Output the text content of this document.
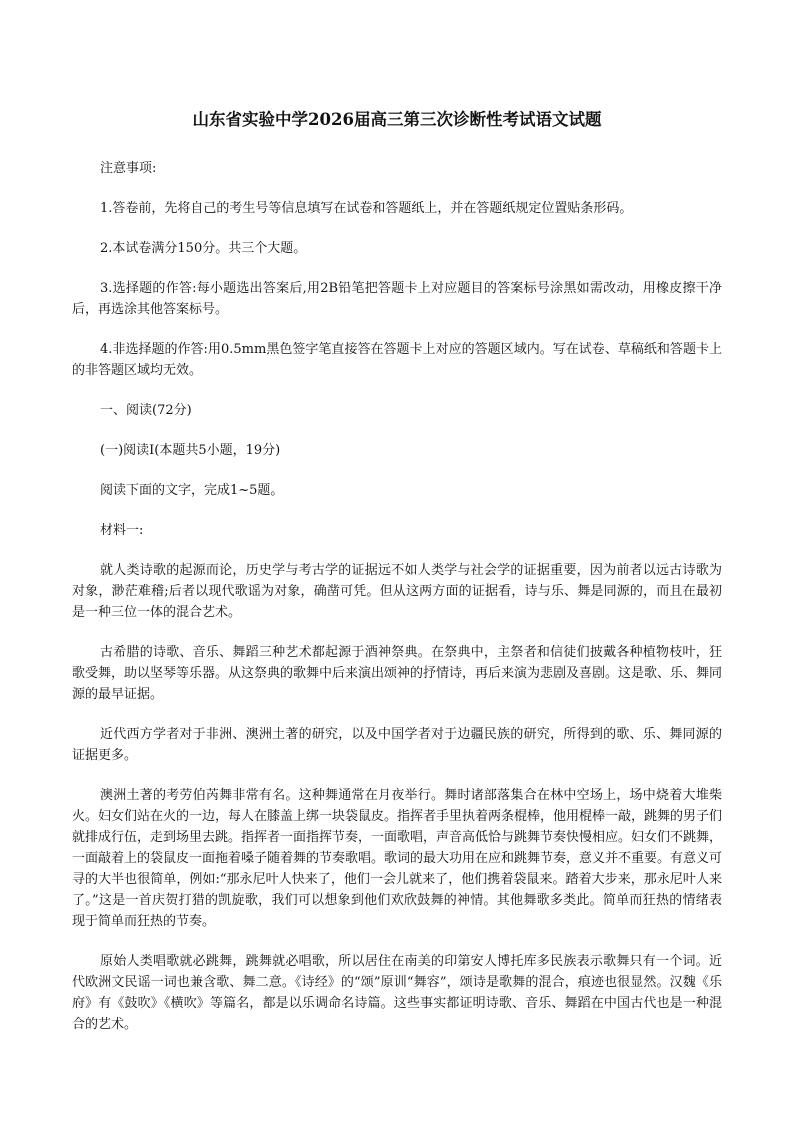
山东省实验中学2026届高三第三次诊断性考试语文试题

注意事项:

1.答卷前，先将自己的考生号等信息填写在试卷和答题纸上，并在答题纸规定位置贴条形码。

2.本试卷满分150分。共三个大题。

3.选择题的作答:每小题选出答案后,用2B铅笔把答题卡上对应题目的答案标号涂黑如需改动，用橡皮擦干净后，再选涂其他答案标号。

4.非选择题的作答:用0.5mm黑色签字笔直接答在答题卡上对应的答题区域内。写在试卷、草稿纸和答题卡上的非答题区域均无效。

一、阅读(72分)

(一)阅读Ⅰ(本题共5小题，19分)

阅读下面的文字，完成1~5题。

材料一:

就人类诗歌的起源而论，历史学与考古学的证据远不如人类学与社会学的证据重要，因为前者以远古诗歌为对象，渺茫难稽;后者以现代歌谣为对象，确凿可凭。但从这两方面的证据看，诗与乐、舞是同源的，而且在最初是一种三位一体的混合艺术。

古希腊的诗歌、音乐、舞蹈三种艺术都起源于酒神祭典。在祭典中，主祭者和信徒们披戴各种植物枝叶，狂歌受舞，助以坚琴等乐器。从这祭典的歌舞中后来演出颂神的抒情诗，再后来演为悲剧及喜剧。这是歌、乐、舞同源的最早证据。

近代西方学者对于非洲、澳洲土著的研究，以及中国学者对于边疆民族的研究，所得到的歌、乐、舞同源的证据更多。

澳洲土著的考劳伯芮舞非常有名。这种舞通常在月夜举行。舞时诸部落集合在林中空场上，场中烧着大堆柴火。妇女们站在火的一边，每人在膝盖上绑一块袋鼠皮。指挥者手里执着两条棍棒，他用棍棒一敲，跳舞的男子们就排成行伍，走到场里去跳。指挥者一面指挥节奏，一面歌唱，声音高低恰与跳舞节奏快慢相应。妇女们不跳舞，一面敲着上的袋鼠皮一面拖着嗓子随着舞的节奏歌唱。歌词的最大功用在应和跳舞节奏，意义并不重要。有意义可寻的大半也很简单，例如:“那永尼叶人快来了，他们一会儿就来了，他们携着袋鼠来。踏着大步来，那永尼叶人来了。”这是一首庆贺打猎的凯旋歌，我们可以想象到他们欢欣鼓舞的神情。其他舞歌多类此。简单而狂热的情绪表现于简单而狂热的节奏。

原始人类唱歌就必跳舞，跳舞就必唱歌，所以居住在南美的印第安人博托库多民族表示歌舞只有一个词。近代欧洲文民谣一词也兼含歌、舞二意。《诗经》的“颂”原训“舞容”，颂诗是歌舞的混合，痕迹也很显然。汉魏《乐府》有《鼓吹》《横吹》等篇名，都是以乐调命名诗篇。这些事实都证明诗歌、音乐、舞蹈在中国古代也是一种混合的艺术。
